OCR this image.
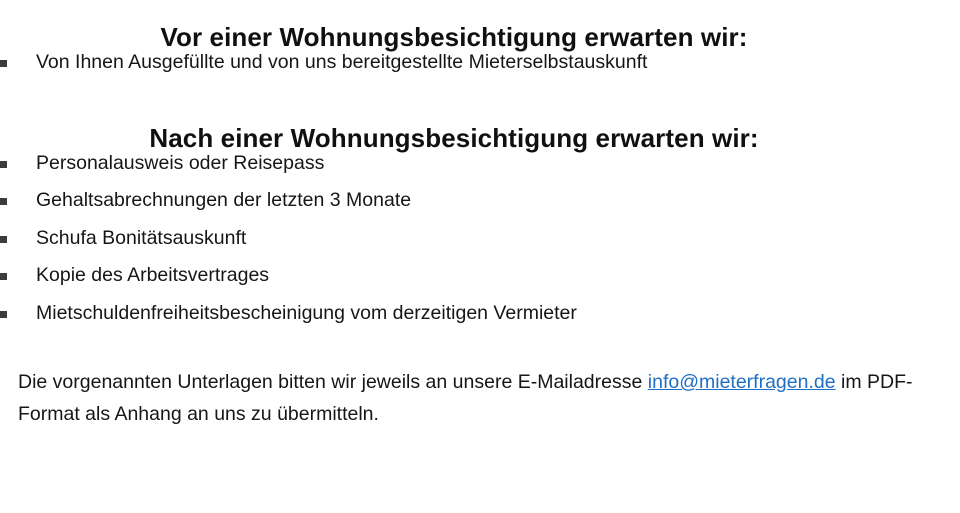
Vor einer Wohnungsbesichtigung erwarten wir:
Von Ihnen Ausgefüllte und von uns bereitgestellte Mieterselbstauskunft
Nach einer Wohnungsbesichtigung erwarten wir:
Personalausweis oder Reisepass
Gehaltsabrechnungen der letzten 3 Monate
Schufa Bonitätsauskunft
Kopie des Arbeitsvertrages
Mietschuldenfreiheitsbescheinigung vom derzeitigen Vermieter

Die vorgenannten Unterlagen bitten wir jeweils an unsere E-Mailadresse info@mieterfragen.de im PDF-Format als Anhang an uns zu übermitteln.
